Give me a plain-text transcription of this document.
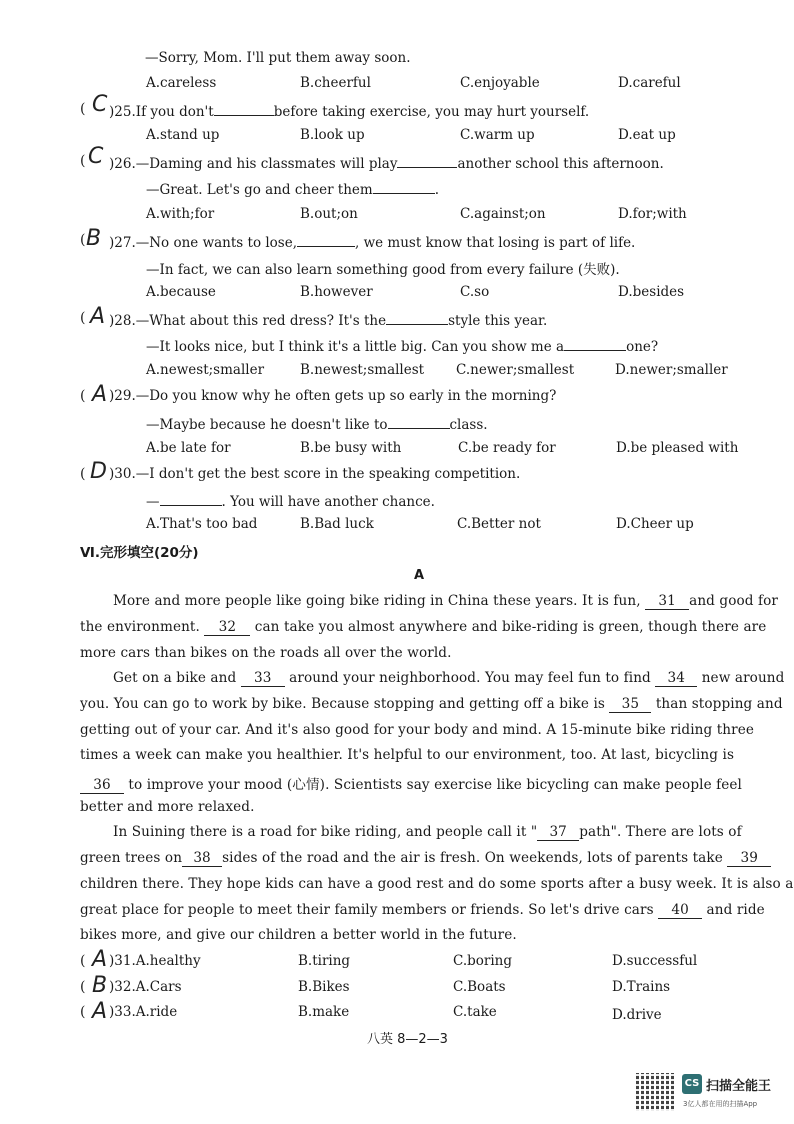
—Sorry, Mom. I'll put them away soon.
A.careless	B.cheerful	C.enjoyable	D.careful
( C )25.If you don't	before taking exercise, you may hurt yourself.
A.stand up	B.look up	C.warm up	D.eat up
( C )26.—Daming and his classmates will play	another school this afternoon.
—Great. Let's go and cheer them	.
A.with;for	B.out;on	C.against;on	D.for;with
( B )27.—No one wants to lose,	, we must know that losing is part of life.
—In fact, we can also learn something good from every failure (失败).
A.because	B.however	C.so	D.besides
( A )28.—What about this red dress? It's the	style this year.
—It looks nice, but I think it's a little big. Can you show me a	one?
A.newest;smaller	B.newest;smallest C.newer;smallest	D.newer;smaller
( A )29.—Do you know why he often gets up so early in the morning?
—Maybe because he doesn't like to	class.
A.be late for	B.be busy with	C.be ready for	D.be pleased with
( D )30.—I don't get the best score in the speaking competition.
—	. You will have another chance.
A.That's too bad	B.Bad luck	C.Better not	D.Cheer up
Ⅵ.完形填空(20分)
A
More and more people like going bike riding in China these years. It is fun, 31 and good for
the environment. 32 can take you almost anywhere and bike-riding is green, though there are
more cars than bikes on the roads all over the world.
Get on a bike and 33 around your neighborhood. You may feel fun to find 34 new around
you. You can go to work by bike. Because stopping and getting off a bike is 35 than stopping and
getting out of your car. And it's also good for your body and mind. A 15-minute bike riding three
times a week can make you healthier. It's helpful to our environment, too. At last, bicycling is
36 to improve your mood (心情). Scientists say exercise like bicycling can make people feel
better and more relaxed.
In Suining there is a road for bike riding, and people call it " 37 path". There are lots of
green trees on 38 sides of the road and the air is fresh. On weekends, lots of parents take 39
children there. They hope kids can have a good rest and do some sports after a busy week. It is also a
great place for people to meet their family members or friends. So let's drive cars 40 and ride
bikes more, and give our children a better world in the future.
( A )31.A.healthy	B.tiring	C.boring	D.successful
( B )32.A.Cars	B.Bikes	C.Boats	D.Trains
( A )33.A.ride	B.make	C.take	D.drive
八英 8—2—3
CS 扫描全能王
3亿人都在用的扫描App
